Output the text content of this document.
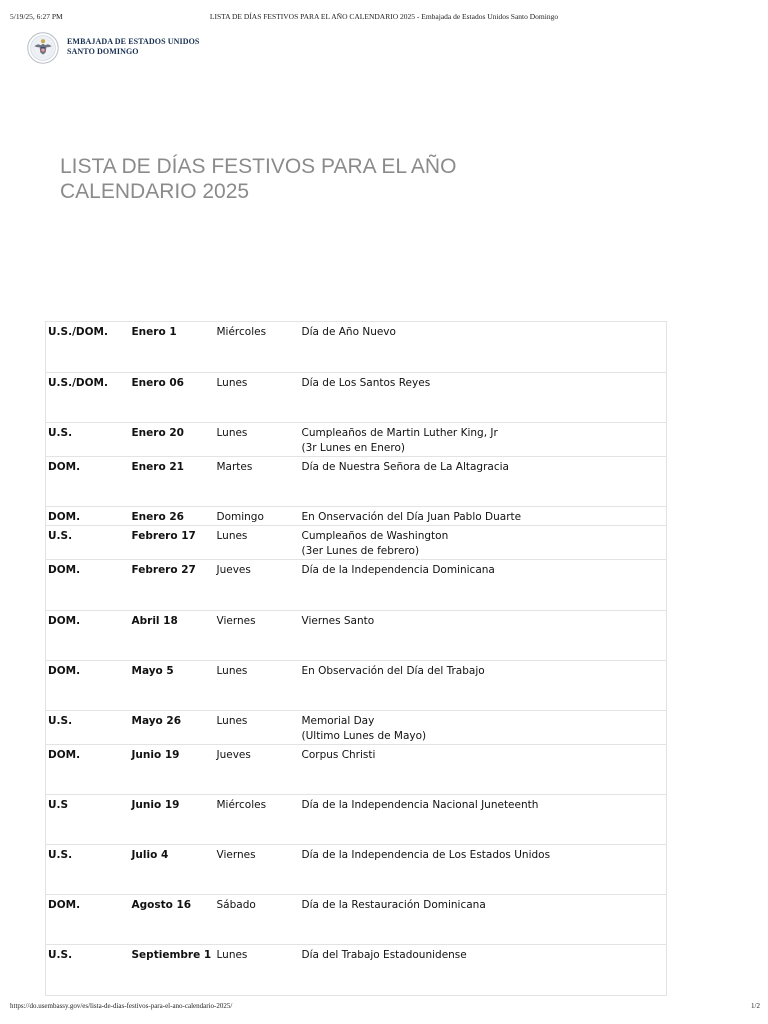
5/19/25, 6:27 PM	LISTA DE DÍAS FESTIVOS PARA EL AÑO CALENDARIO 2025 - Embajada de Estados Unidos Santo Domingo
EMBAJADA DE ESTADOS UNIDOS
SANTO DOMINGO
LISTA DE DÍAS FESTIVOS PARA EL AÑO
CALENDARIO 2025
U.S./DOM.	Enero 1	Miércoles	Día de Año Nuevo

U.S./DOM.	Enero 06	Lunes	Día de Los Santos Reyes

U.S.	Enero 20	Lunes	Cumpleaños de Martin Luther King, Jr
(3r Lunes en Enero)

DOM.	Enero 21	Martes	Día de Nuestra Señora de La Altagracia

DOM.	Enero 26	Domingo	En Onservación del Día Juan Pablo Duarte

U.S.	Febrero 17	Lunes	Cumpleaños de Washington
(3er Lunes de febrero)

DOM.	Febrero 27	Jueves	Día de la Independencia Dominicana

DOM.	Abril 18	Viernes	Viernes Santo

DOM.	Mayo 5	Lunes	En Observación del Día del Trabajo

U.S.	Mayo 26	Lunes	Memorial Day
(Ultimo Lunes de Mayo)

DOM.	Junio 19	Jueves	Corpus Christi

U.S	Junio 19	Miércoles	Día de la Independencia Nacional Juneteenth

U.S.	Julio 4	Viernes	Día de la Independencia de Los Estados Unidos

DOM.	Agosto 16	Sábado	Día de la Restauración Dominicana

U.S.	Septiembre 1	Lunes	Día del Trabajo Estadounidense
https://do.usembassy.gov/es/lista-de-dias-festivos-para-el-ano-calendario-2025/	1/2
